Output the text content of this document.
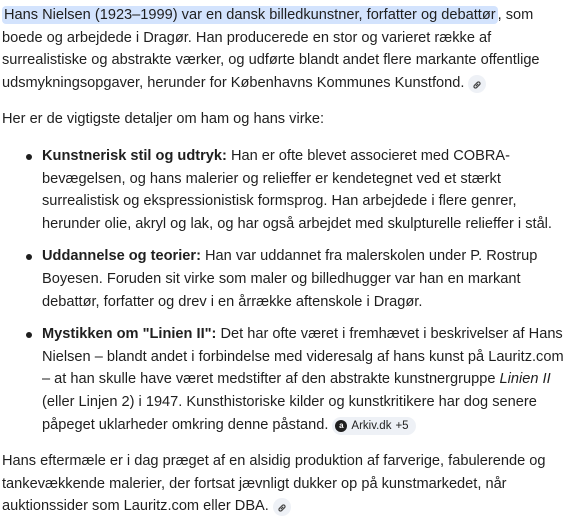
Hans Nielsen (1923–1999) var en dansk billedkunstner, forfatter og debattør , som boede og arbejdede i Dragør. Han producerede en stor og varieret række af surrealistiske og abstrakte værker, og udførte blandt andet flere markante offentlige udsmykningsopgaver, herunder for Københavns Kommunes Kunstfond.

Her er de vigtigste detaljer om ham og hans virke:

Kunstnerisk stil og udtryk: Han er ofte blevet associeret med COBRA-bevægelsen, og hans malerier og relieffer er kendetegnet ved et stærkt surrealistisk og ekspressionistisk formsprog. Han arbejdede i flere genrer, herunder olie, akryl og lak, og har også arbejdet med skulpturelle relieffer i stål.
Uddannelse og teorier: Han var uddannet fra malerskolen under P. Rostrup Boyesen. Foruden sit virke som maler og billedhugger var han en markant debattør, forfatter og drev i en årrække aftenskole i Dragør.
Mystikken om "Linien II": Det har ofte været i fremhævet i beskrivelser af Hans Nielsen – blandt andet i forbindelse med videresalg af hans kunst på Lauritz.com – at han skulle have været medstifter af den abstrakte kunstnergruppe Linien II (eller Linjen 2) i 1947. Kunsthistoriske kilder og kunstkritikere har dog senere påpeget uklarheder omkring denne påstand.	a Arkiv.dk +5

Hans eftermæle er i dag præget af en alsidig produktion af farverige, fabulerende og tankevækkende malerier, der fortsat jævnligt dukker op på kunstmarkedet, når auktionssider som Lauritz.com eller DBA.
